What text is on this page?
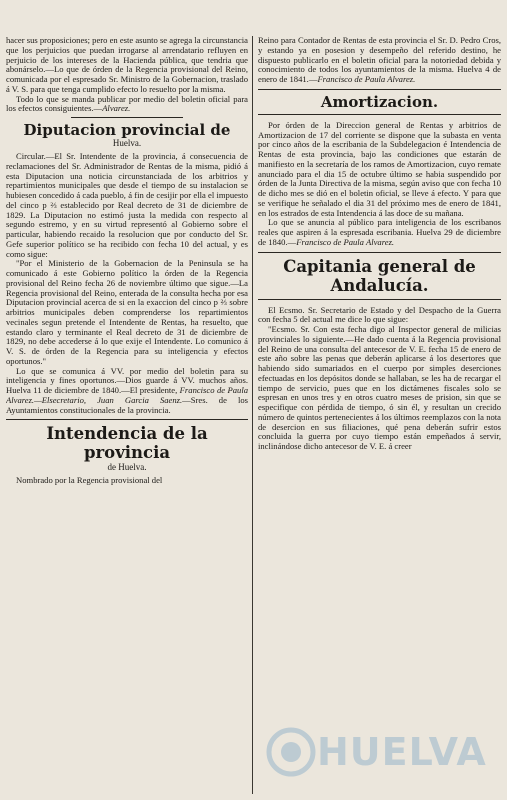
hacer sus proposiciones; pero en este asunto se agrega la circunstancia que los perjuicios que puedan irrogarse al arrendatario refluyen en perjuicio de los intereses de la Hacienda pública, que tendria que abonárselo.—Lo que de órden de la Regencia provisional del Reino, comunicada por el espresado Sr. Ministro de la Gobernacion, traslado á V. S. para que tenga cumplido efecto lo resuelto por la misma.

Todo lo que se manda publicar por medio del boletin oficial para los efectos consiguientes.—Alvarez.

Diputacion provincial de
Huelva.

Circular.—El Sr. Intendente de la provincia, á consecuencia de reclamaciones del Sr. Administrador de Rentas de la misma, pidió á esta Diputacion una noticia circunstanciada de los arbitrios y repartimientos municipales que desde el tiempo de su instalacion se hubiesen concedido á cada pueblo, á fin de cesijir por ella el impuesto del cinco p ⅔ establecido por Real decreto de 31 de diciembre de 1829. La Diputacion no estimó justa la medida con respecto al segundo estremo, y en su virtud representó al Gobierno sobre el particular, habiendo recaido la resolucion que por conducto del Sr. Gefe superior político se ha recibido con fecha 10 del actual, y es como sigue:

"Por el Ministerio de la Gobernacion de la Peninsula se ha comunicado á este Gobierno político la órden de la Regencia provisional del Reino fecha 26 de noviembre último que sigue.—La Regencia provisional del Reino, enterada de la consulta hecha por esa Diputacion provincial acerca de si en la exaccion del cinco p ⅔ sobre arbitrios municipales deben comprenderse los repartimientos vecinales segun pretende el Intendente de Rentas, ha resuelto, que estando claro y terminante el Real decreto de 31 de diciembre de 1829, no debe accederse á lo que exije el Intendente. Lo comunico á V. S. de órden de la Regencia para su inteligencia y efectos oportunos."

Lo que se comunica á VV. por medio del boletin para su inteligencia y fines oportunos.—Dios guarde á VV. muchos años. Huelva 11 de diciembre de 1840.—El presidente, Francisco de Paula Alvarez.—Elsecretario, Juan Garcia Saenz.—Sres. de los Ayuntamientos constitucionales de la provincia.

Intendencia de la provincia
de Huelva.

Nombrado por la Regencia provisional del

Reino para Contador de Rentas de esta provincia el Sr. D. Pedro Cros, y estando ya en posesion y desempeño del referido destino, he dispuesto publicarlo en el boletin oficial para la notoriedad debida y conocimiento de todos los ayuntamientos de la misma. Huelva 4 de enero de 1841.—Francisco de Paula Alvarez.

Amortizacion.

Por órden de la Direccion general de Rentas y arbitrios de Amortizacion de 17 del corriente se dispone que la subasta en venta por cinco años de la escribania de la Subdelegacion é Intendencia de Rentas de esta provincia, bajo las condiciones que estarán de manifiesto en la secretaría de los ramos de Amortizacion, cuyo remate anunciado para el dia 15 de octubre último se habia suspendido por órden de la Junta Directiva de la misma, según aviso que con fecha 10 de dicho mes se dió en el boletin oficial, se lleve á efecto. Y para que se verifique he señalado el dia 31 del próximo mes de enero de 1841, en los estrados de esta Intendencia á las doce de su mañana.

Lo que se anuncia al público para inteligencia de los escribanos reales que aspiren á la espresada escribania. Huelva 29 de diciembre de 1840.—Francisco de Paula Alvarez.

Capitania general de Andalucía.

El Ecsmo. Sr. Secretario de Estado y del Despacho de la Guerra con fecha 5 del actual me dice lo que sigue:

"Ecsmo. Sr. Con esta fecha digo al Inspector general de milicias provinciales lo siguiente.—He dado cuenta á la Regencia provisional del Reino de una consulta del antecesor de V. E. fecha 15 de enero de este año sobre las penas que deberán aplicarse á los desertores que habiendo sido sumariados en el cuerpo por simples deserciones efectuadas en los depósitos donde se hallaban, se les ha de recargar el tiempo de servicio, pues que en los dictámenes fiscales solo se espresan en unos tres y en otros cuatro meses de prision, sin que se especifique con pérdida de tiempo, ó sin él, y resultan un crecido número de quintos pertenecientes á los últimos reemplazos con la nota de desercion en sus filiaciones, qué pena deberán sufrir estos concluida la guerra por cuyo tiempo están empeñados á servir, inclinándose dicho antecesor de V. E. á creer

HUELVA
